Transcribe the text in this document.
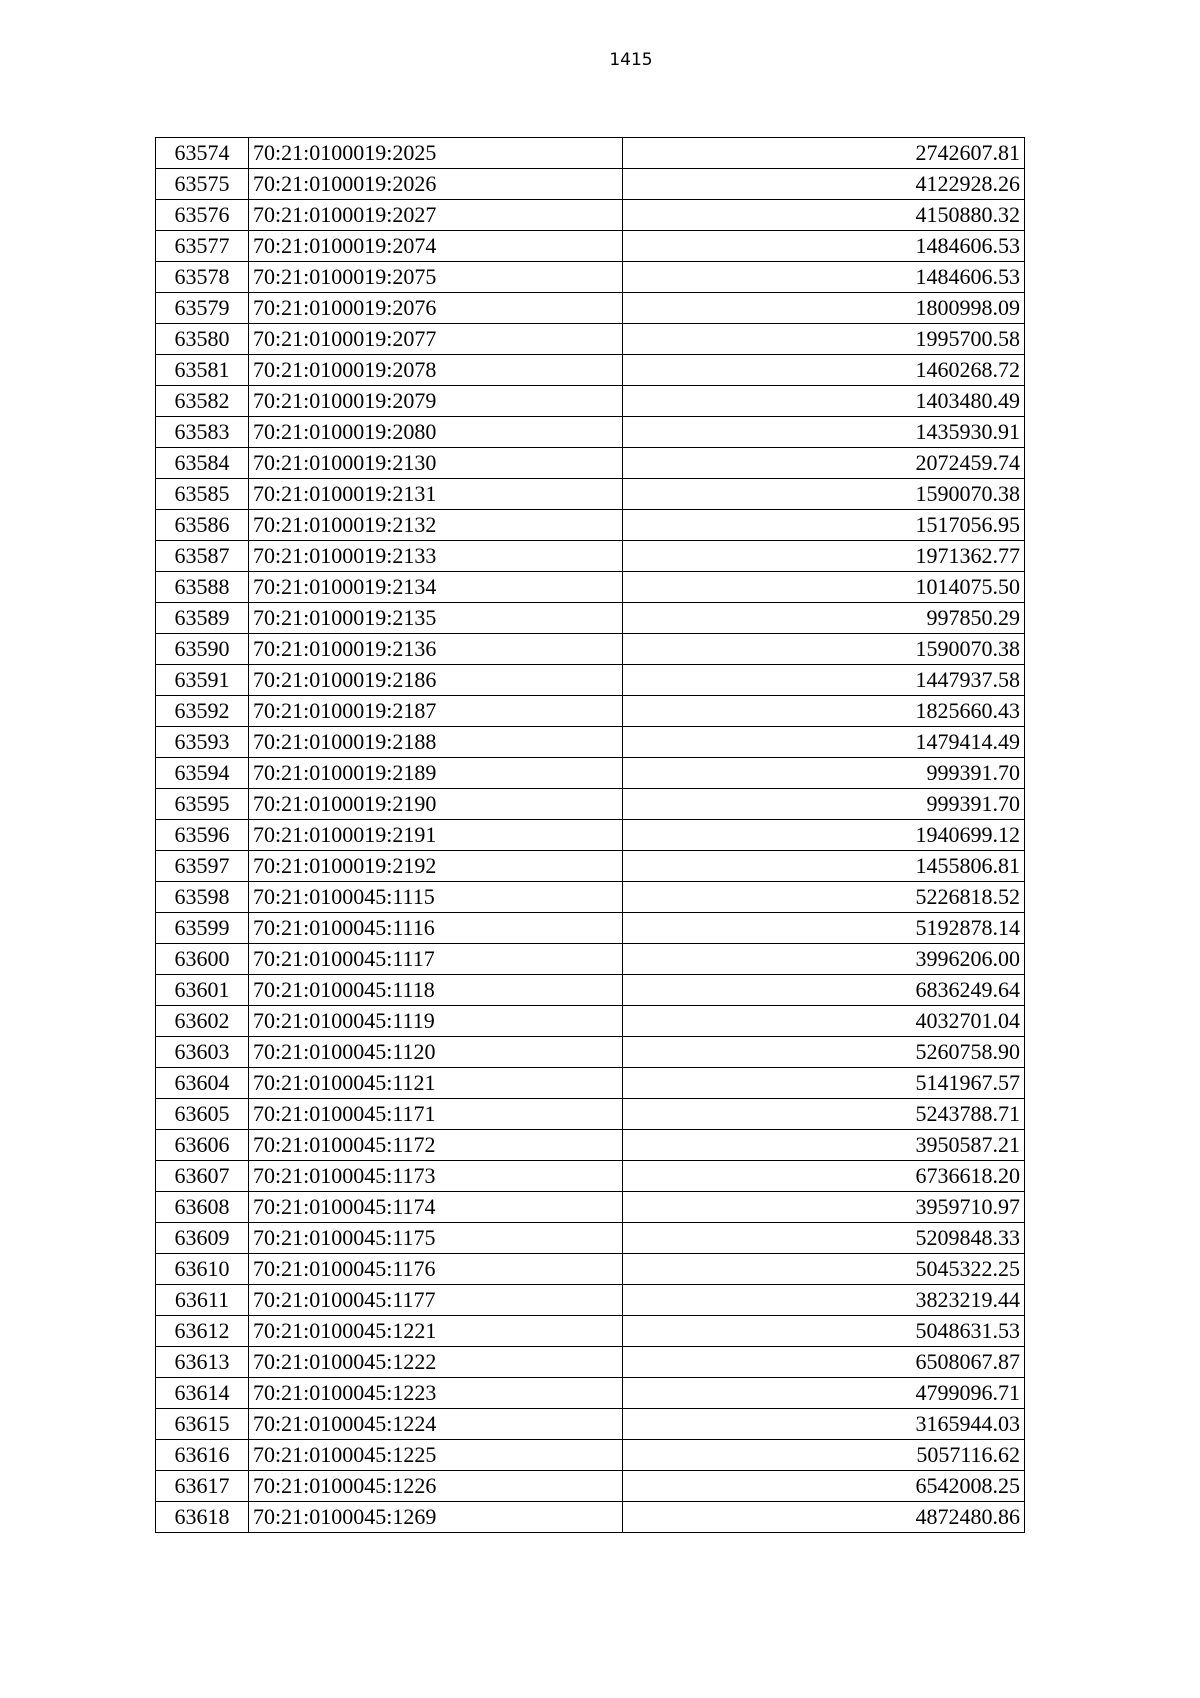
1415
63574	70:21:0100019:2025	2742607.81
63575	70:21:0100019:2026	4122928.26
63576	70:21:0100019:2027	4150880.32
63577	70:21:0100019:2074	1484606.53
63578	70:21:0100019:2075	1484606.53
63579	70:21:0100019:2076	1800998.09
63580	70:21:0100019:2077	1995700.58
63581	70:21:0100019:2078	1460268.72
63582	70:21:0100019:2079	1403480.49
63583	70:21:0100019:2080	1435930.91
63584	70:21:0100019:2130	2072459.74
63585	70:21:0100019:2131	1590070.38
63586	70:21:0100019:2132	1517056.95
63587	70:21:0100019:2133	1971362.77
63588	70:21:0100019:2134	1014075.50
63589	70:21:0100019:2135	997850.29
63590	70:21:0100019:2136	1590070.38
63591	70:21:0100019:2186	1447937.58
63592	70:21:0100019:2187	1825660.43
63593	70:21:0100019:2188	1479414.49
63594	70:21:0100019:2189	999391.70
63595	70:21:0100019:2190	999391.70
63596	70:21:0100019:2191	1940699.12
63597	70:21:0100019:2192	1455806.81
63598	70:21:0100045:1115	5226818.52
63599	70:21:0100045:1116	5192878.14
63600	70:21:0100045:1117	3996206.00
63601	70:21:0100045:1118	6836249.64
63602	70:21:0100045:1119	4032701.04
63603	70:21:0100045:1120	5260758.90
63604	70:21:0100045:1121	5141967.57
63605	70:21:0100045:1171	5243788.71
63606	70:21:0100045:1172	3950587.21
63607	70:21:0100045:1173	6736618.20
63608	70:21:0100045:1174	3959710.97
63609	70:21:0100045:1175	5209848.33
63610	70:21:0100045:1176	5045322.25
63611	70:21:0100045:1177	3823219.44
63612	70:21:0100045:1221	5048631.53
63613	70:21:0100045:1222	6508067.87
63614	70:21:0100045:1223	4799096.71
63615	70:21:0100045:1224	3165944.03
63616	70:21:0100045:1225	5057116.62
63617	70:21:0100045:1226	6542008.25
63618	70:21:0100045:1269	4872480.86
